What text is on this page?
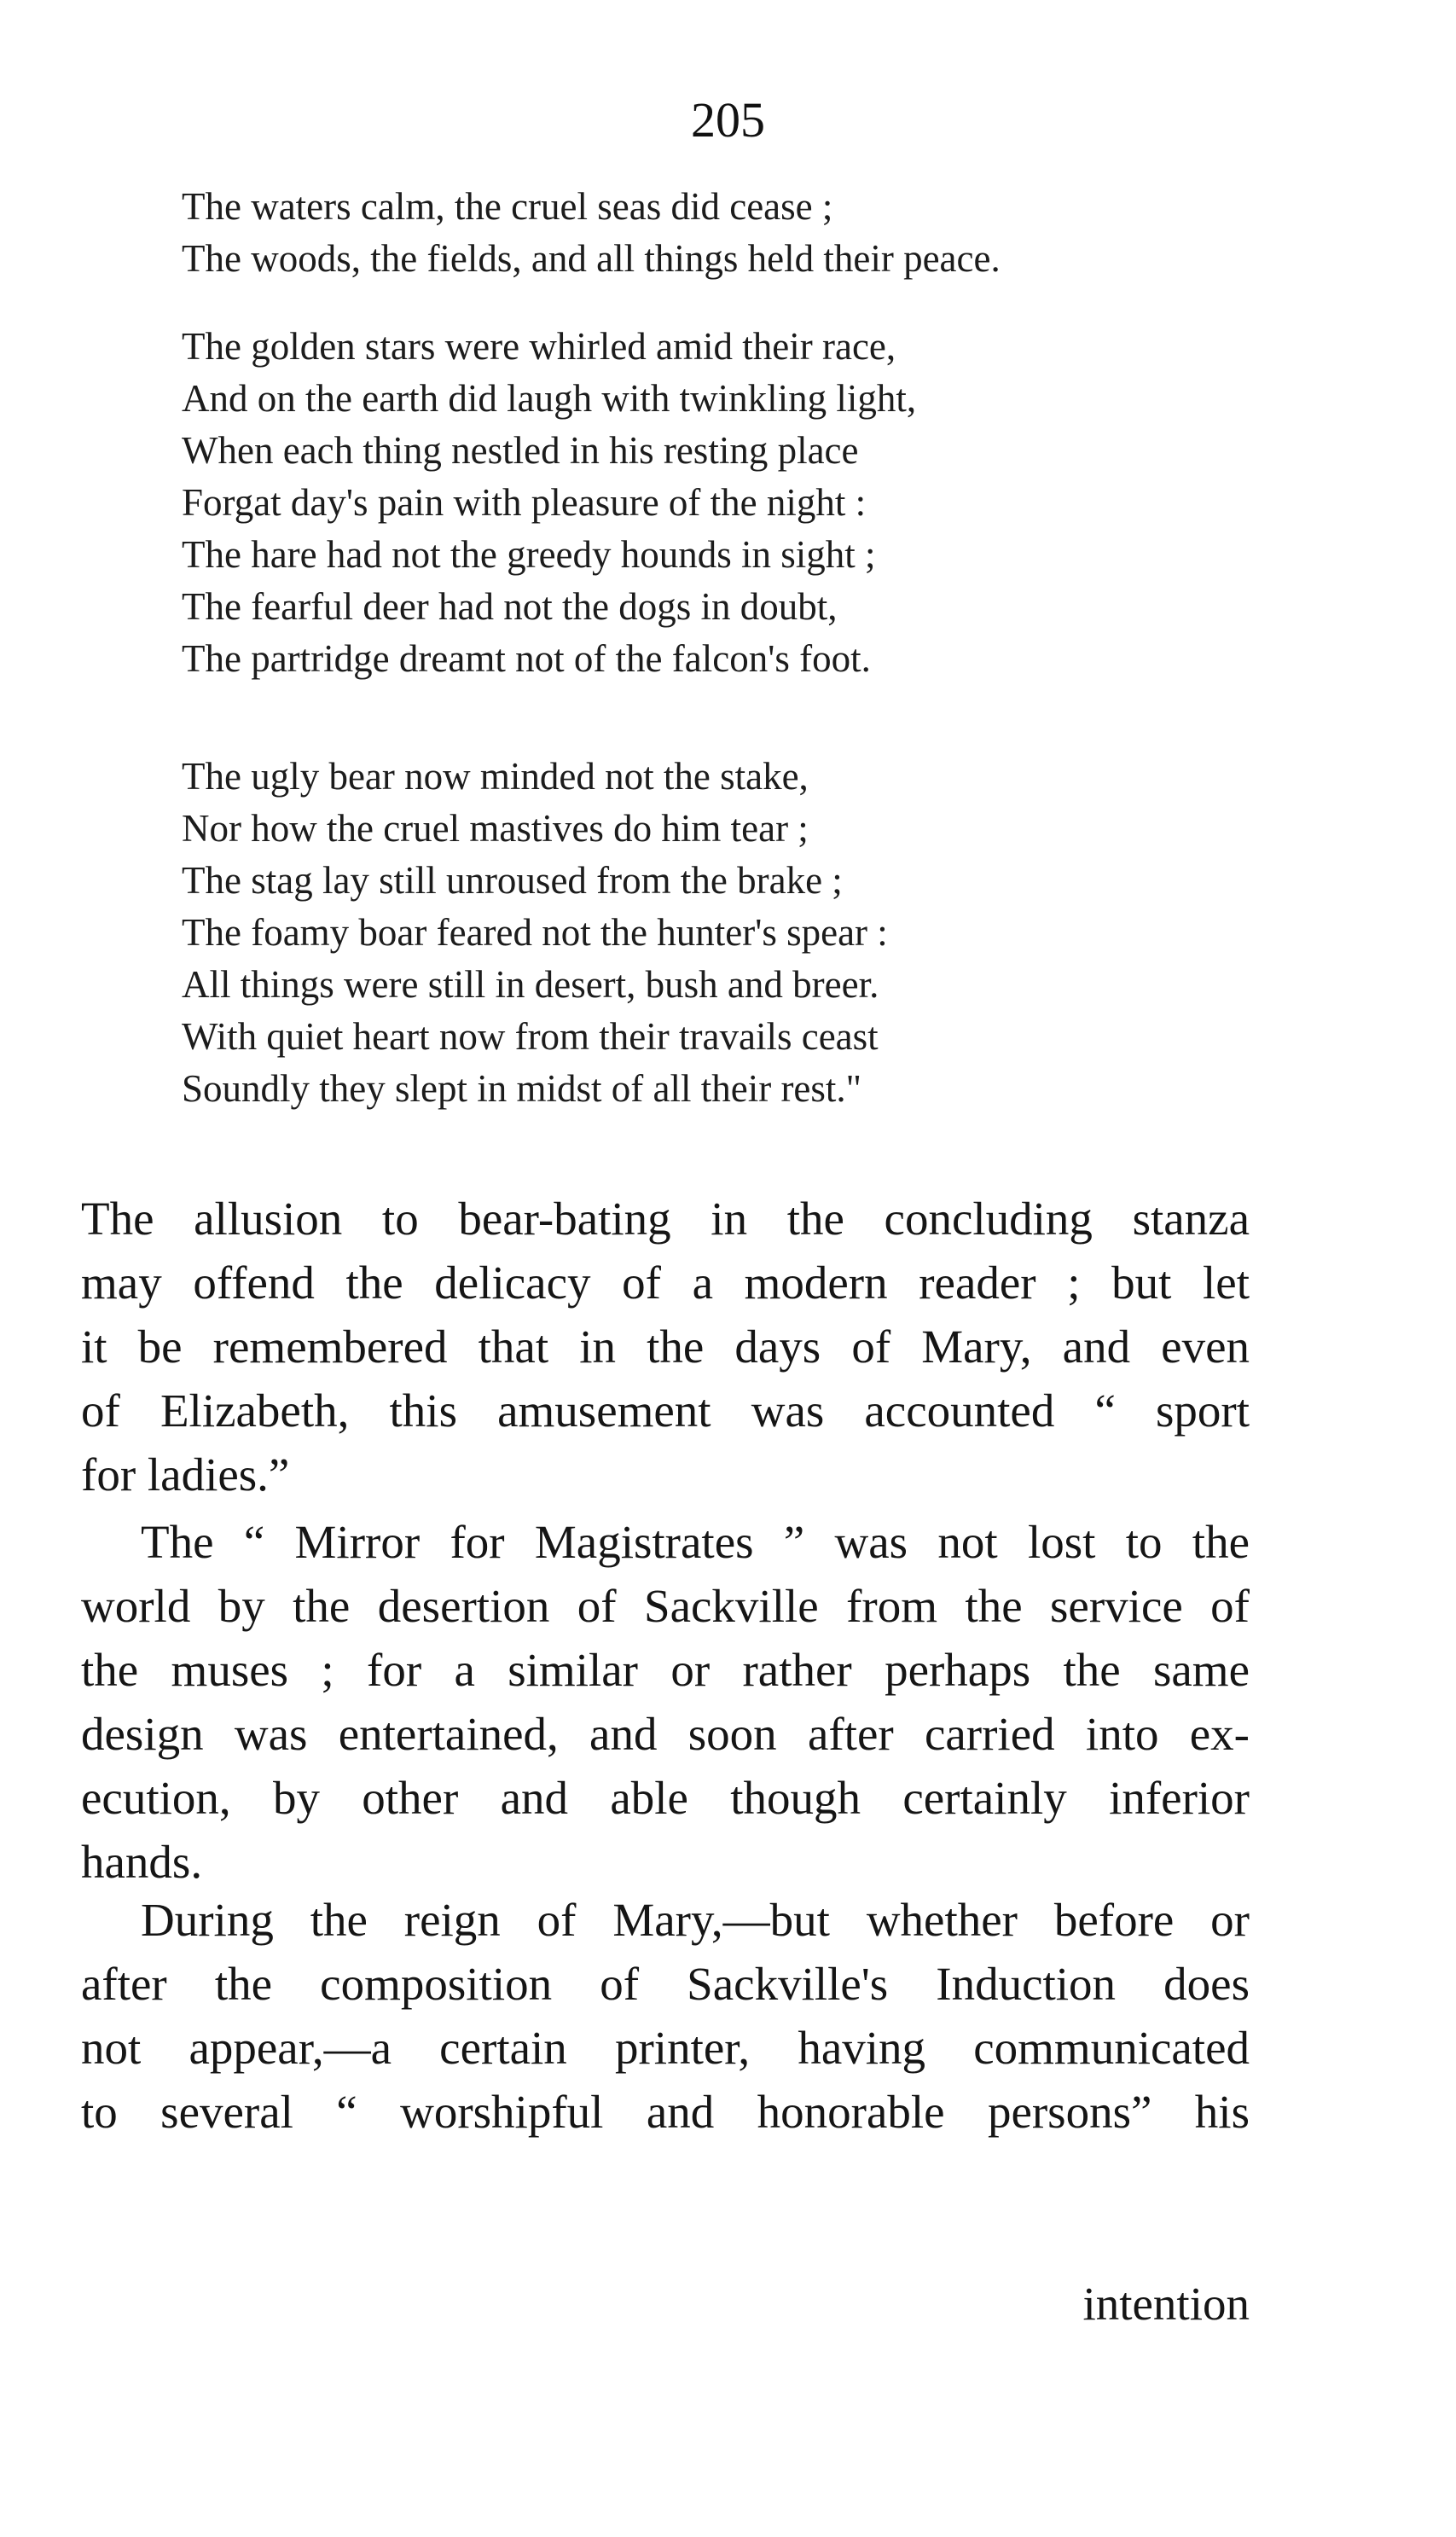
205
The waters calm, the cruel seas did cease ;
The woods, the fields, and all things held their peace.
The golden stars were whirled amid their race,
And on the earth did laugh with twinkling light,
When each thing nestled in his resting place
Forgat day's pain with pleasure of the night :
The hare had not the greedy hounds in sight ;
The fearful deer had not the dogs in doubt,
The partridge dreamt not of the falcon's foot.
The ugly bear now minded not the stake,
Nor how the cruel mastives do him tear ;
The stag lay still unroused from the brake ;
The foamy boar feared not the hunter's spear :
All things were still in desert, bush and breer.
With quiet heart now from their travails ceast
Soundly they slept in midst of all their rest."
The allusion to bear-bating in the concluding stanza
may offend the delicacy of a modern reader ; but let
it be remembered that in the days of Mary, and even
of Elizabeth, this amusement was accounted “ sport
for ladies.”
The “ Mirror for Magistrates ” was not lost to the
world by the desertion of Sackville from the service of
the muses ; for a similar or rather perhaps the same
design was entertained, and soon after carried into ex-
ecution, by other and able though certainly inferior
hands.
During the reign of Mary,—but whether before or
after the composition of Sackville's Induction does
not appear,—a certain printer, having communicated
to several “ worshipful and honorable persons” his
intention
